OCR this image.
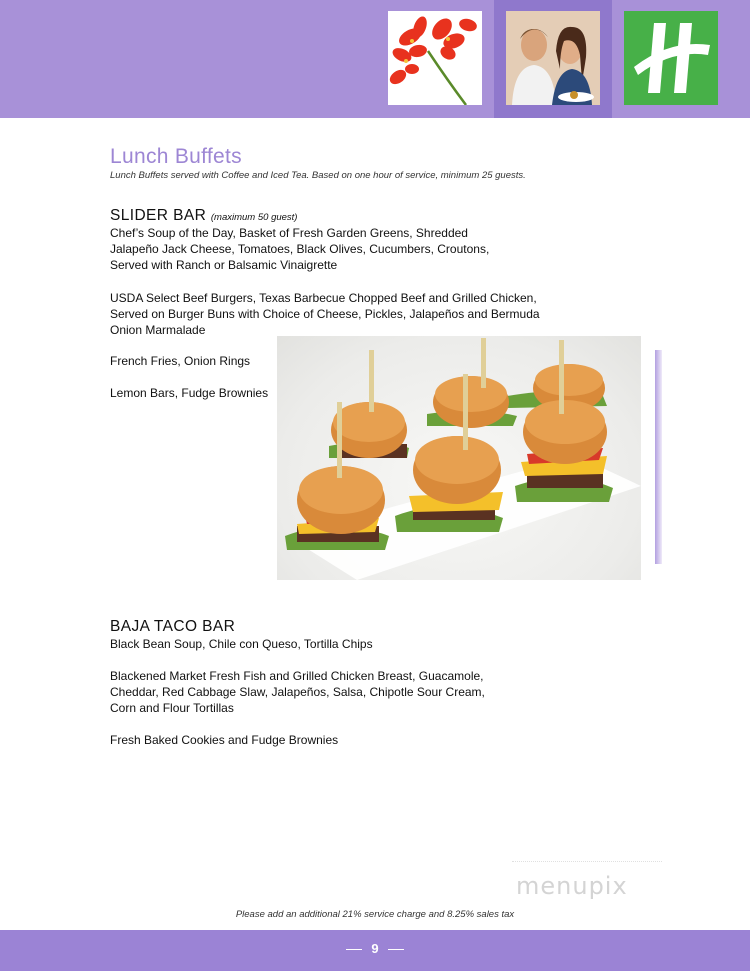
Lunch Buffets
Lunch Buffets served with Coffee and Iced Tea. Based on one hour of service, minimum 25 guests.
SLIDER BAR (maximum 50 guest)
Chef’s Soup of the Day, Basket of Fresh Garden Greens, Shredded Jalapeño Jack Cheese, Tomatoes, Black Olives, Cucumbers, Croutons, Served with Ranch or Balsamic Vinaigrette
USDA Select Beef Burgers, Texas Barbecue Chopped Beef and Grilled Chicken, Served on Burger Buns with Choice of Cheese, Pickles, Jalapeños and Bermuda Onion Marmalade
French Fries, Onion Rings
Lemon Bars, Fudge Brownies
BAJA TACO BAR
Black Bean Soup, Chile con Queso, Tortilla Chips
Blackened Market Fresh Fish and Grilled Chicken Breast, Guacamole, Cheddar, Red Cabbage Slaw, Jalapeños, Salsa, Chipotle Sour Cream, Corn and Flour Tortillas
Fresh Baked Cookies and Fudge Brownies
menupix
Please add an additional 21% service charge and 8.25% sales tax
9
